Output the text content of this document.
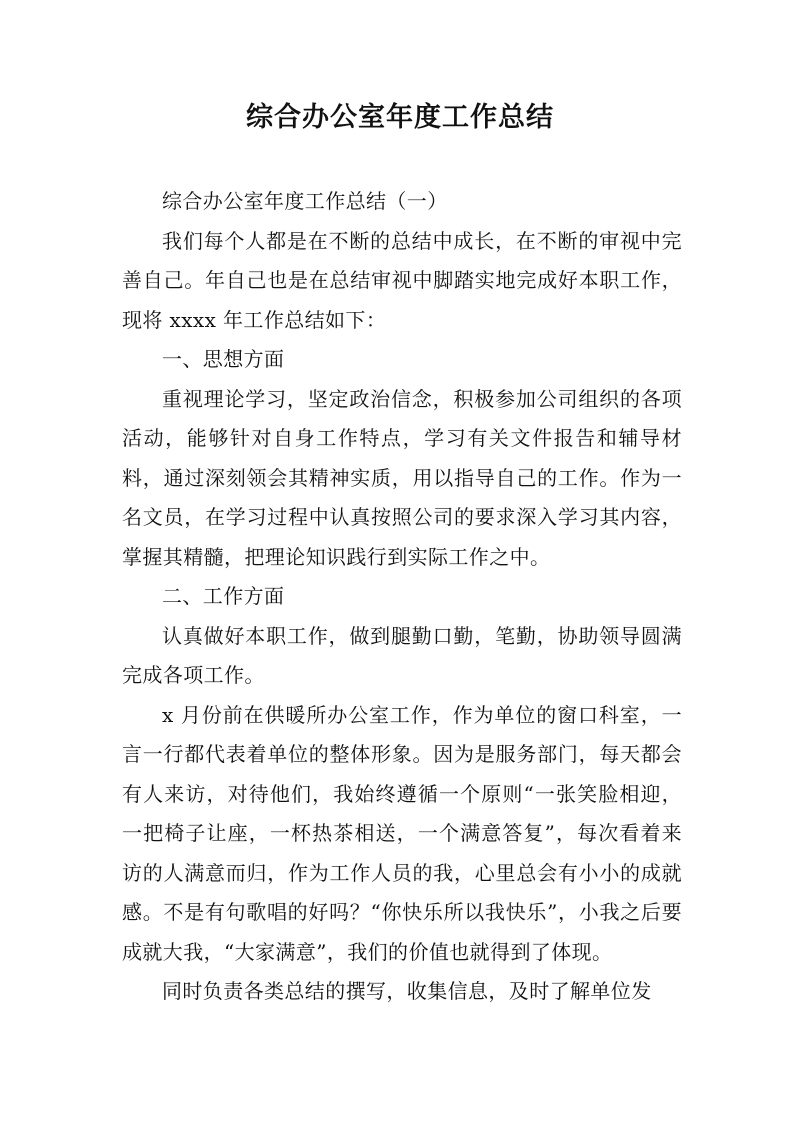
综合办公室年度工作总结

综合办公室年度工作总结（一）

我们每个人都是在不断的总结中成长，在不断的审视中完善自己。年自己也是在总结审视中脚踏实地完成好本职工作，现将 xxxx 年工作总结如下：

一、思想方面

重视理论学习，坚定政治信念，积极参加公司组织的各项活动，能够针对自身工作特点，学习有关文件报告和辅导材料，通过深刻领会其精神实质，用以指导自己的工作。作为一名文员，在学习过程中认真按照公司的要求深入学习其内容，掌握其精髓，把理论知识践行到实际工作之中。

二、工作方面

认真做好本职工作，做到腿勤口勤，笔勤，协助领导圆满完成各项工作。

x 月份前在供暖所办公室工作，作为单位的窗口科室，一言一行都代表着单位的整体形象。因为是服务部门，每天都会有人来访，对待他们，我始终遵循一个原则“一张笑脸相迎，一把椅子让座，一杯热茶相送，一个满意答复”，每次看着来访的人满意而归，作为工作人员的我，心里总会有小小的成就感。不是有句歌唱的好吗？“你快乐所以我快乐”，小我之后要成就大我，“大家满意”，我们的价值也就得到了体现。

同时负责各类总结的撰写，收集信息，及时了解单位发
